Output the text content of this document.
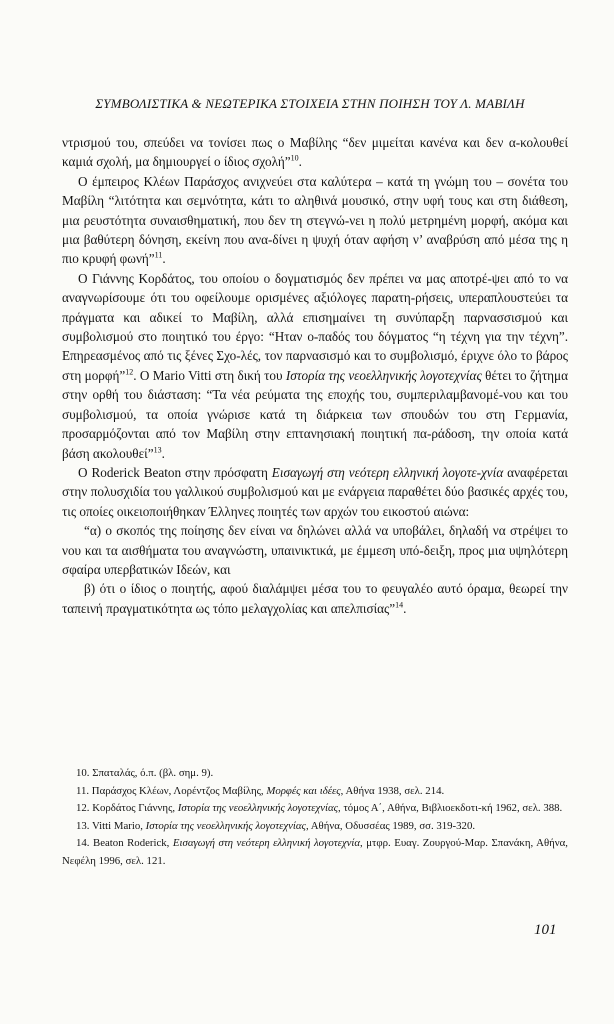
ΣΥΜΒΟΛΙΣΤΙΚΑ & ΝΕΩΤΕΡΙΚΑ ΣΤΟΙΧΕΙΑ ΣΤΗΝ ΠΟΙΗΣΗ ΤΟΥ Λ. ΜΑΒΙΛΗ

ντρισμού του, σπεύδει να τονίσει πως ο Μαβίλης “δεν μιμείται κανένα και δεν α-κολουθεί καμιά σχολή, μα δημιουργεί ο ίδιος σχολή”$^{10}$.

Ο έμπειρος Κλέων Παράσχος ανιχνεύει στα καλύτερα – κατά τη γνώμη του – σονέτα του Μαβίλη “λιτότητα και σεμνότητα, κάτι το αληθινά μουσικό, στην υφή τους και στη διάθεση, μια ρευστότητα συναισθηματική, που δεν τη στεγνώ-νει η πολύ μετρημένη μορφή, ακόμα και μια βαθύτερη δόνηση, εκείνη που ανα-δίνει η ψυχή όταν αφήση ν’ αναβρύση από μέσα της η πιο κρυφή φωνή”$^{11}$.

Ο Γιάννης Κορδάτος, του οποίου ο δογματισμός δεν πρέπει να μας αποτρέ-ψει από το να αναγνωρίσουμε ότι του οφείλουμε ορισμένες αξιόλογες παρατη-ρήσεις, υπεραπλουστεύει τα πράγματα και αδικεί το Μαβίλη, αλλά επισημαίνει τη συνύπαρξη παρνασσισμού και συμβολισμού στο ποιητικό του έργο: “Ηταν ο-παδός του δόγματος “η τέχνη για την τέχνη”. Επηρεασμένος από τις ξένες Σχο-λές, τον παρνασισμό και το συμβολισμό, έριχνε όλο το βάρος στη μορφή”$^{12}$. Ο Mario Vitti στη δική του Ιστορία της νεοελληνικής λογοτεχνίας θέτει το ζήτημα στην ορθή του διάσταση: “Τα νέα ρεύματα της εποχής του, συμπεριλαμβανομέ-νου και του συμβολισμού, τα οποία γνώρισε κατά τη διάρκεια των σπουδών του στη Γερμανία, προσαρμόζονται από τον Μαβίλη στην επτανησιακή ποιητική πα-ράδοση, την οποία κατά βάση ακολουθεί”$^{13}$.

Ο Roderick Beaton στην πρόσφατη Εισαγωγή στη νεότερη ελληνική λογοτε-χνία αναφέρεται στην πολυσχιδία του γαλλικού συμβολισμού και με ενάργεια παραθέτει δύο βασικές αρχές του, τις οποίες οικειοποιήθηκαν Έλληνες ποιητές των αρχών του εικοστού αιώνα:

“α) ο σκοπός της ποίησης δεν είναι να δηλώνει αλλά να υποβάλει, δηλαδή να στρέψει το νου και τα αισθήματα του αναγνώστη, υπαινικτικά, με έμμεση υπό-δειξη, προς μια υψηλότερη σφαίρα υπερβατικών Ιδεών, και

β) ότι ο ίδιος ο ποιητής, αφού διαλάμψει μέσα του το φευγαλέο αυτό όραμα, θεωρεί την ταπεινή πραγματικότητα ως τόπο μελαγχολίας και απελπισίας”$^{14}$.

10. Σπαταλάς, ό.π. (βλ. σημ. 9).

11. Παράσχος Κλέων, Λορέντζος Μαβίλης, Μορφές και ιδέες, Αθήνα 1938, σελ. 214.

12. Κορδάτος Γιάννης, Ιστορία της νεοελληνικής λογοτεχνίας, τόμος Α΄, Αθήνα, Βιβλιοεκδοτι-κή 1962, σελ. 388.

13. Vitti Mario, Ιστορία της νεοελληνικής λογοτεχνίας, Αθήνα, Οδυσσέας 1989, σσ. 319-320.

14. Beaton Roderick, Εισαγωγή στη νεότερη ελληνική λογοτεχνία, μτφρ. Ευαγ. Ζουργού-Μαρ. Σπανάκη, Αθήνα, Νεφέλη 1996, σελ. 121.

101
